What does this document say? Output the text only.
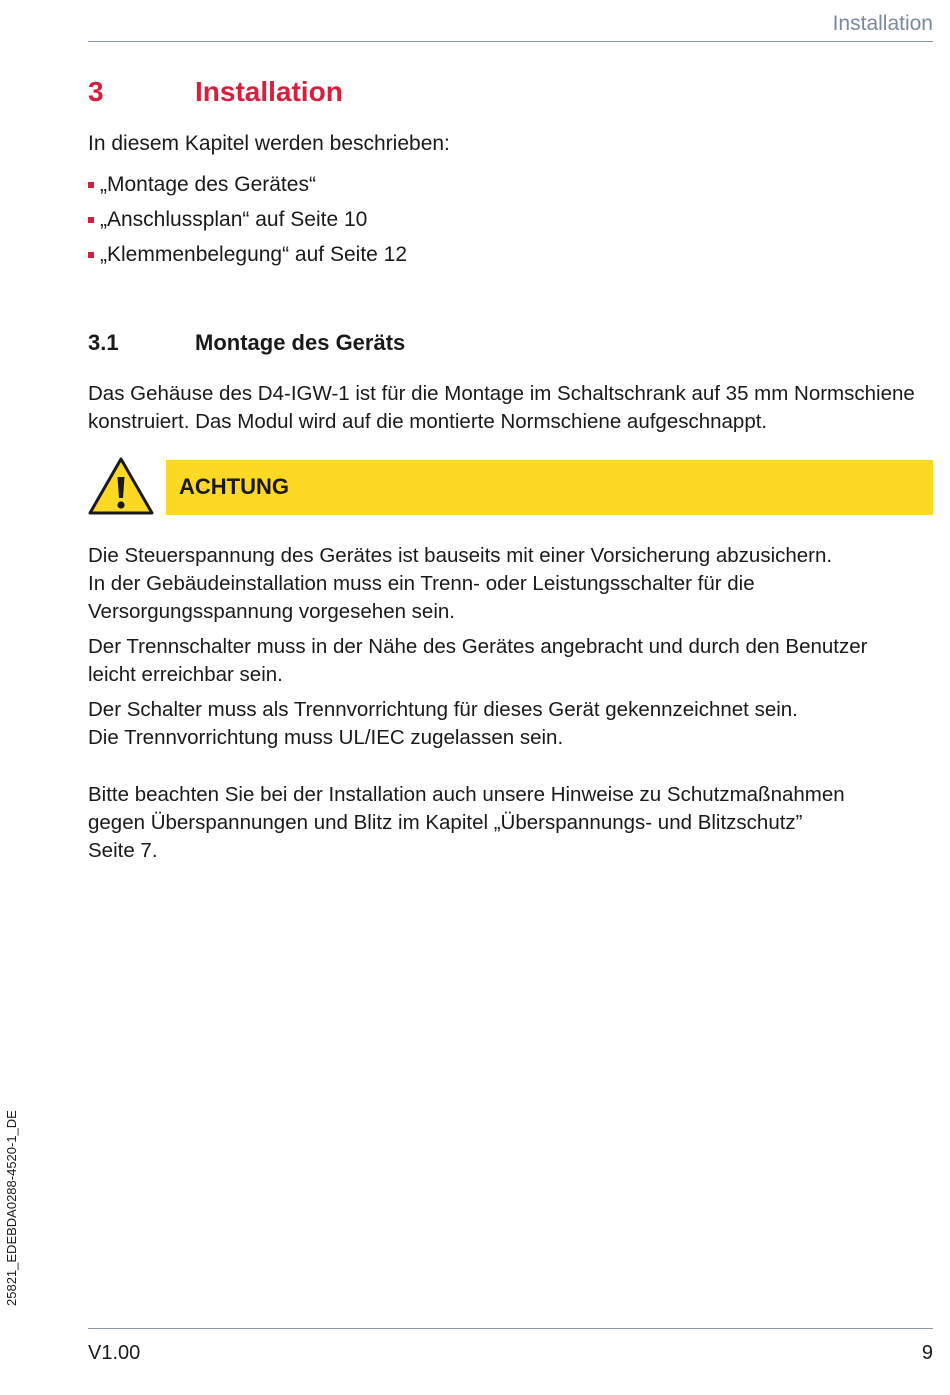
Installation
3	Installation
In diesem Kapitel werden beschrieben:
„Montage des Gerätes“
„Anschlussplan“ auf Seite 10
„Klemmenbelegung“ auf Seite 12
3.1	Montage des Geräts

Das Gehäuse des D4-IGW-1 ist für die Montage im Schaltschrank auf 35 mm Normschiene
konstruiert. Das Modul wird auf die montierte Normschiene aufgeschnappt.

ACHTUNG

Die Steuerspannung des Gerätes ist bauseits mit einer Vorsicherung abzusichern.
In der Gebäudeinstallation muss ein Trenn- oder Leistungsschalter für die
Versorgungsspannung vorgesehen sein.

Der Trennschalter muss in der Nähe des Gerätes angebracht und durch den Benutzer
leicht erreichbar sein.

Der Schalter muss als Trennvorrichtung für dieses Gerät gekennzeichnet sein.
Die Trennvorrichtung muss UL/IEC zugelassen sein.

Bitte beachten Sie bei der Installation auch unsere Hinweise zu Schutzmaßnahmen
gegen Überspannungen und Blitz im Kapitel „Überspannungs- und Blitzschutz”
Seite 7.

25821_EDEBDA0288-4520-1_DE
V1.00	9
